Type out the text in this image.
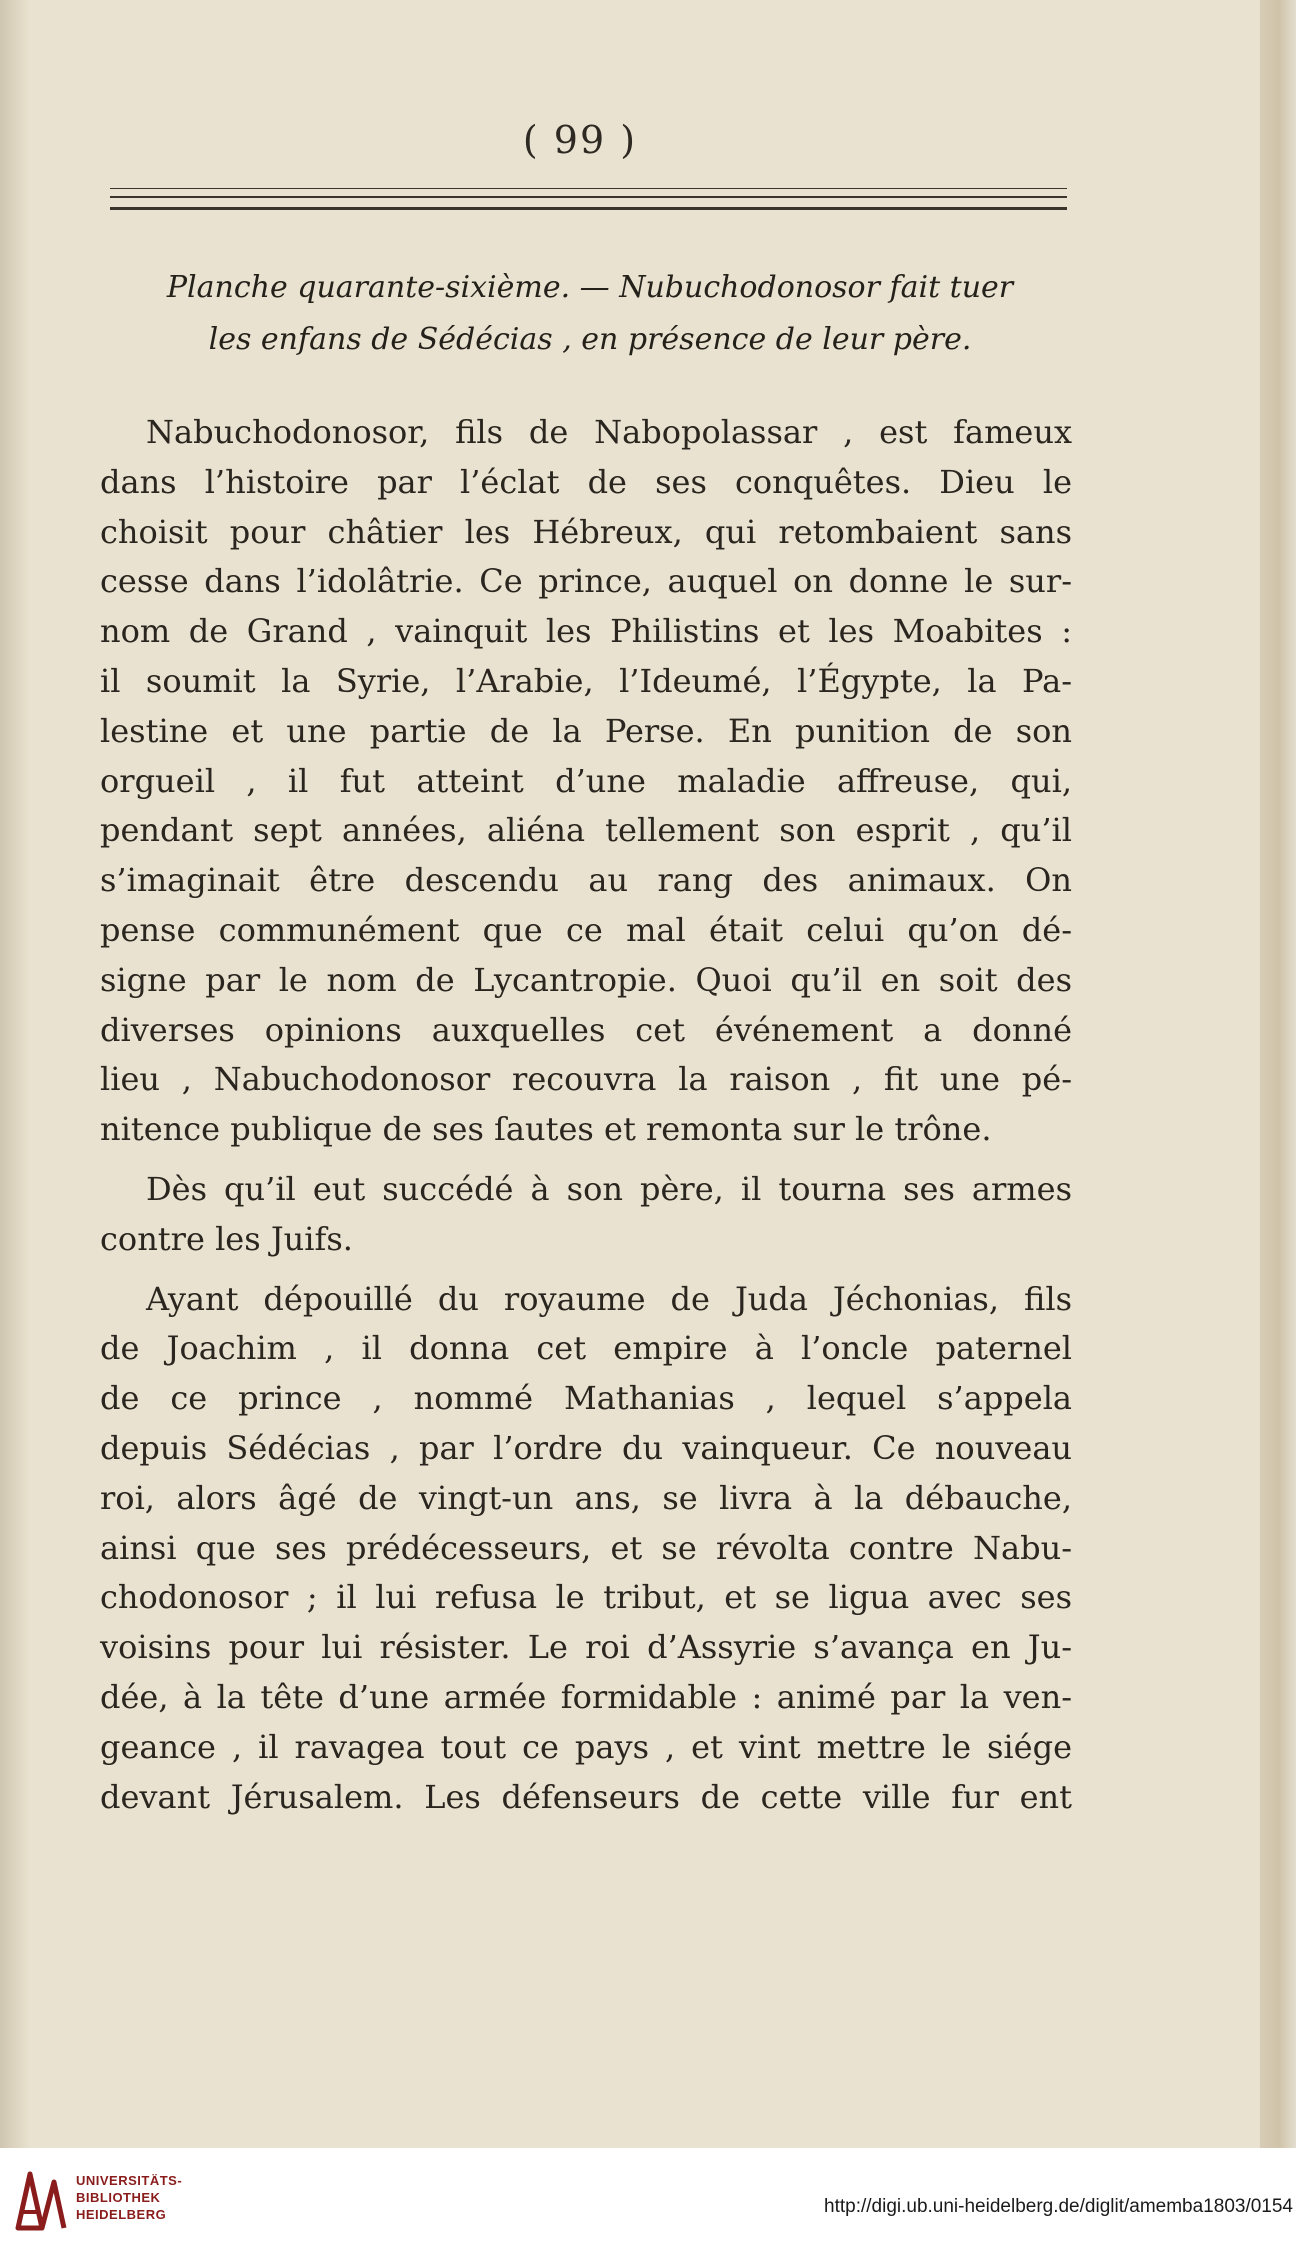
( 99 )
Planche quarante-sixième. — Nubuchodonosor fait tuer
les enfans de Sédécias , en présence de leur père.
Nabuchodonosor, fils de Nabopolassar , est fameux
dans l’histoire par l’éclat de ses conquêtes. Dieu le
choisit pour châtier les Hébreux, qui retombaient sans
cesse dans l’idolâtrie. Ce prince, auquel on donne le sur-
nom de Grand , vainquit les Philistins et les Moabites :
il soumit la Syrie, l’Arabie, l’Ideumé, l’Égypte, la Pa-
lestine et une partie de la Perse. En punition de son
orgueil , il fut atteint d’une maladie affreuse, qui,
pendant sept années, aliéna tellement son esprit , qu’il
s’imaginait être descendu au rang des animaux. On
pense communément que ce mal était celui qu’on dé-
signe par le nom de Lycantropie. Quoi qu’il en soit des
diverses opinions auxquelles cet événement a donné
lieu , Nabuchodonosor recouvra la raison , fit une pé-
nitence publique de ses ſautes et remonta sur le trône.
Dès qu’il eut succédé à son père, il tourna ses armes
contre les Juifs.
Ayant dépouillé du royaume de Juda Jéchonias, fils
de Joachim , il donna cet empire à l’oncle paternel
de ce prince , nommé Mathanias , lequel s’appela
depuis Sédécias , par l’ordre du vainqueur. Ce nouveau
roi, alors âgé de vingt-un ans, se livra à la débauche,
ainsi que ses prédécesseurs, et se révolta contre Nabu-
chodonosor ; il lui refusa le tribut, et se ligua avec ses
voisins pour lui résister. Le roi d’Assyrie s’avança en Ju-
dée, à la tête d’une armée formidable : animé par la ven-
geance , il ravagea tout ce pays , et vint mettre le siége
devant Jérusalem. Les défenseurs de cette ville fur ent
UNIVERSITÄTS-
BIBLIOTHEK
HEIDELBERG	http://digi.ub.uni-heidelberg.de/diglit/amemba1803/0154
